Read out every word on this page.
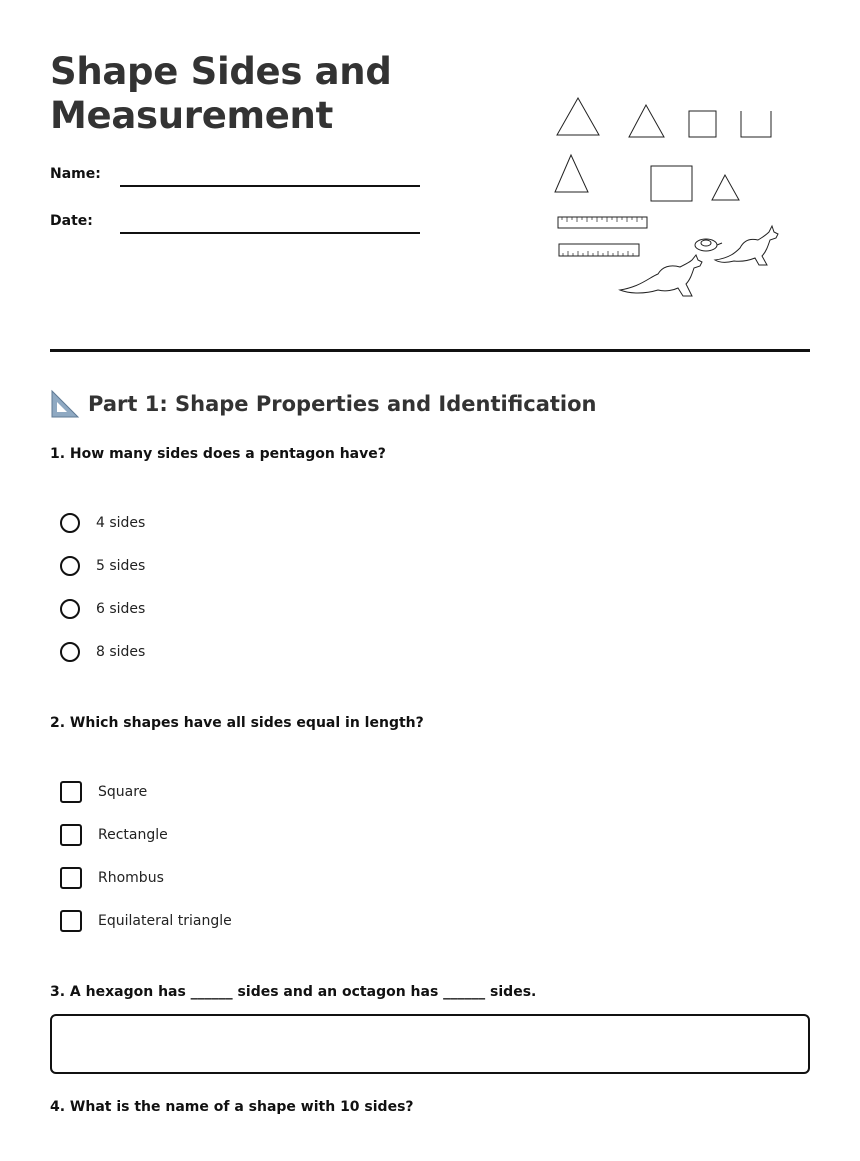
Shape Sides and
Measurement
Name:
Date:
Part 1: Shape Properties and Identification

1. How many sides does a pentagon have?

4 sides
5 sides
6 sides
8 sides

2. Which shapes have all sides equal in length?

Square
Rectangle
Rhombus
Equilateral triangle

3. A hexagon has ______ sides and an octagon has ______ sides.

4. What is the name of a shape with 10 sides?
